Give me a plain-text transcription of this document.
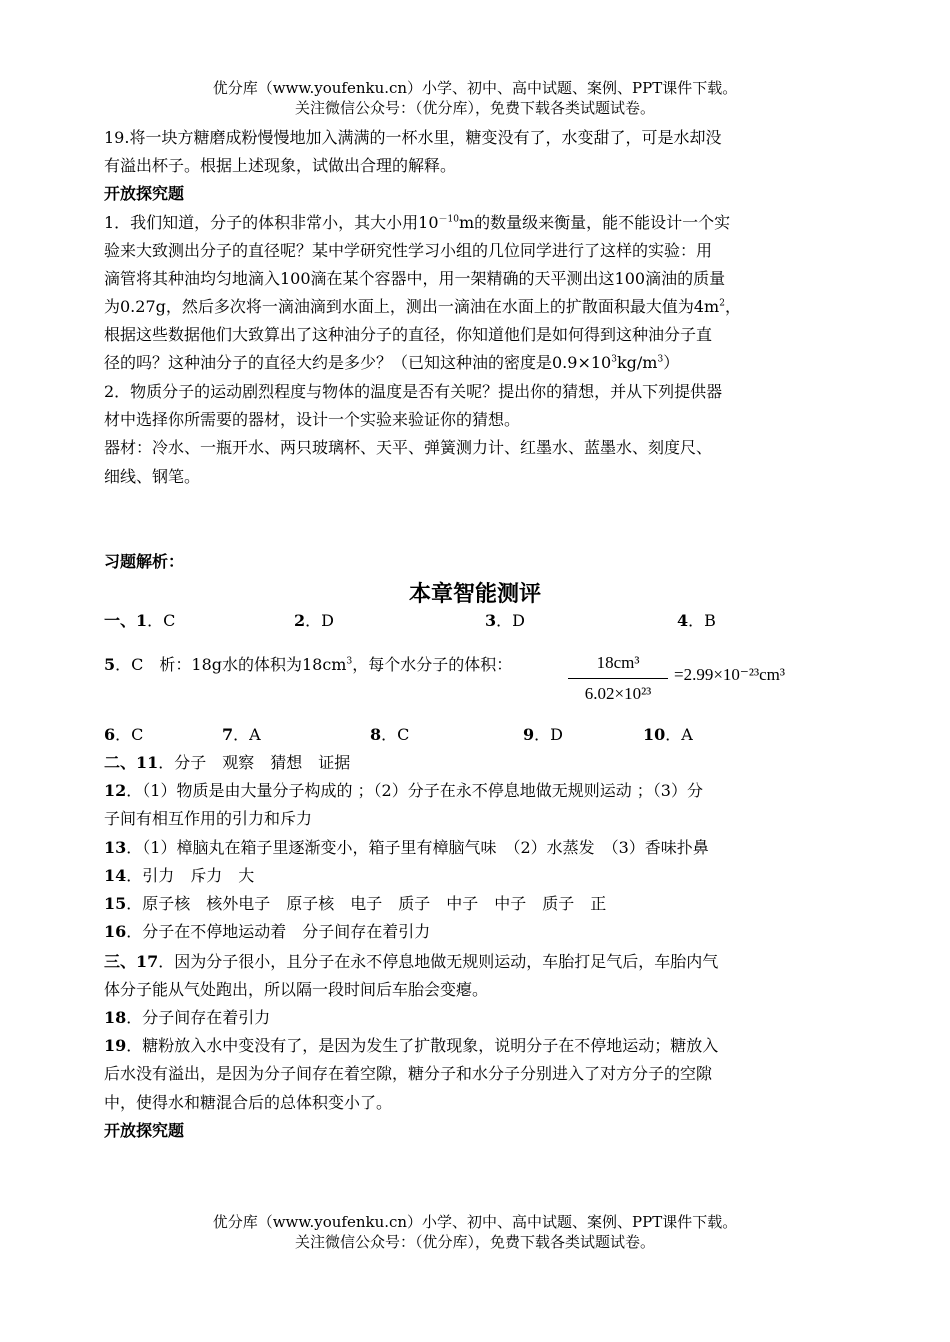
优分库（www.youfenku.cn）小学、初中、高中试题、案例、PPT课件下载。
关注微信公众号：（优分库），免费下载各类试题试卷。
19.将一块方糖磨成粉慢慢地加入满满的一杯水里，糖变没有了，水变甜了，可是水却没
有溢出杯子。根据上述现象，试做出合理的解释。
开放探究题
1．我们知道，分子的体积非常小，其大小用$10^{-10}m$的数量级来衡量，能不能设计一个实
验来大致测出分子的直径呢？某中学研究性学习小组的几位同学进行了这样的实验：用
滴管将其种油均匀地滴入100滴在某个容器中，用一架精确的天平测出这100滴油的质量
为0.27g，然后多次将一滴油滴到水面上，测出一滴油在水面上的扩散面积最大值为$4m^2$，
根据这些数据他们大致算出了这种油分子的直径，你知道他们是如何得到这种油分子直
径的吗？这种油分子的直径大约是多少？（已知这种油的密度是$0.9\times 10^3kg/m^3$）
2．物质分子的运动剧烈程度与物体的温度是否有关呢？提出你的猜想，并从下列提供器
材中选择你所需要的器材，设计一个实验来验证你的猜想。
器材：冷水、一瓶开水、两只玻璃杯、天平、弹簧测力计、红墨水、蓝墨水、刻度尺、
细线、钢笔。
习题解析：
本章智能测评
一、1．C	2．D	3．D	4．B
5．C　析：18g水的体积为$18cm^3$，每个水分子的体积：	18cm³
6.02×10²³
=2.99×10⁻²³cm³
6．C	7．A	8．C	9．D	10．A
二、11．分子　观察　猜想　证据
12．（1）物质是由大量分子构成的 ；（2）分子在永不停息地做无规则运动 ；（3）分
子间有相互作用的引力和斥力
13．（1）樟脑丸在箱子里逐渐变小，箱子里有樟脑气味　（2）水蒸发　（3）香味扑鼻
14．引力　斥力　大
15．原子核　核外电子　原子核　电子　质子　中子　中子　质子　正
16．分子在不停地运动着　分子间存在着引力
三、17．因为分子很小，且分子在永不停息地做无规则运动，车胎打足气后，车胎内气
体分子能从气处跑出，所以隔一段时间后车胎会变瘪。
18．分子间存在着引力
19．糖粉放入水中变没有了，是因为发生了扩散现象，说明分子在不停地运动；糖放入
后水没有溢出，是因为分子间存在着空隙，糖分子和水分子分别进入了对方分子的空隙
中，使得水和糖混合后的总体积变小了。
开放探究题
优分库（www.youfenku.cn）小学、初中、高中试题、案例、PPT课件下载。
关注微信公众号：（优分库），免费下载各类试题试卷。
